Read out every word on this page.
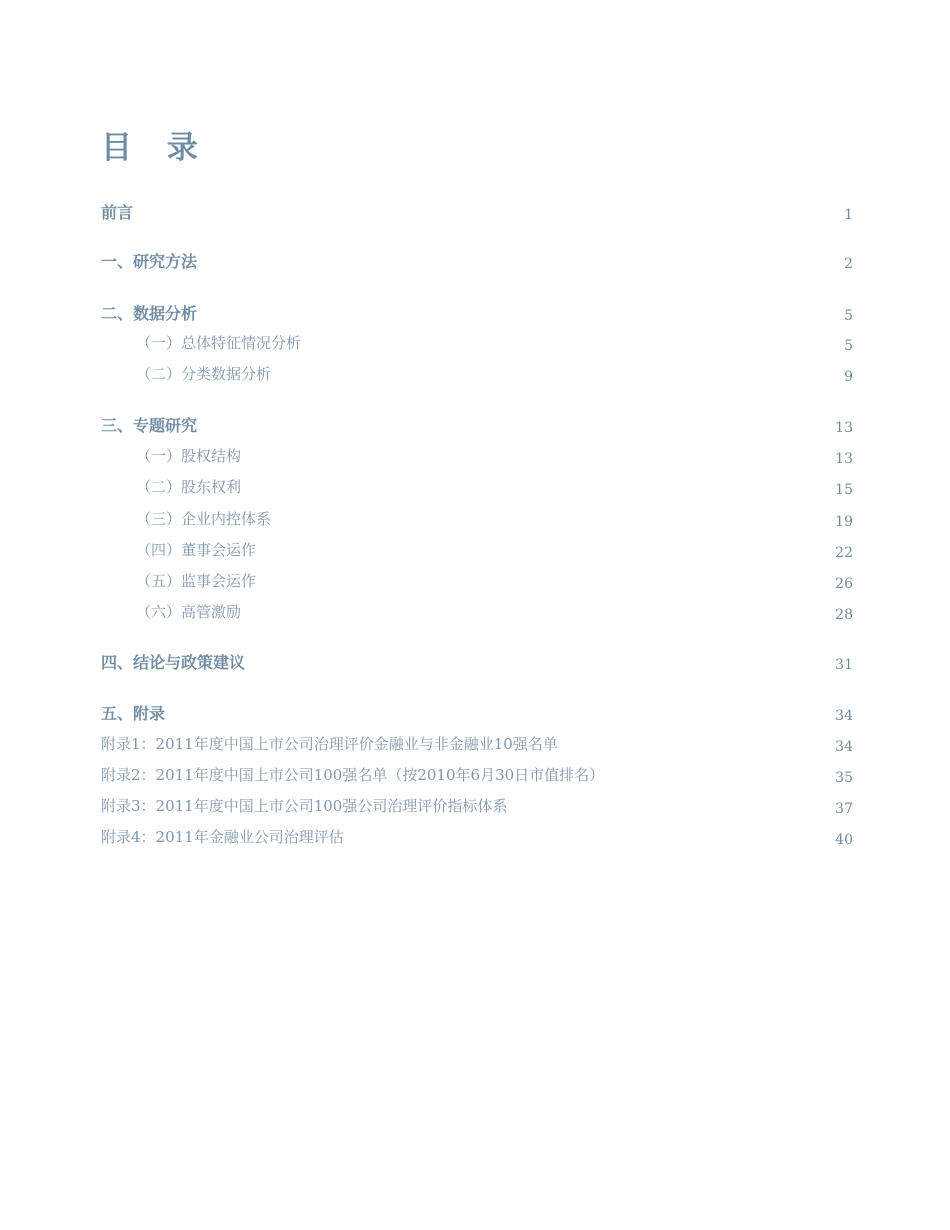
目 录
前言	1
一、研究方法	2
二、数据分析	5
（一）总体特征情况分析	5
（二）分类数据分析	9
三、专题研究	13
（一）股权结构	13
（二）股东权利	15
（三）企业内控体系	19
（四）董事会运作	22
（五）监事会运作	26
（六）高管激励	28
四、结论与政策建议	31
五、附录	34
附录1：2011年度中国上市公司治理评价金融业与非金融业10强名单	34
附录2：2011年度中国上市公司100强名单（按2010年6月30日市值排名）	35
附录3：2011年度中国上市公司100强公司治理评价指标体系	37
附录4：2011年金融业公司治理评估	40
